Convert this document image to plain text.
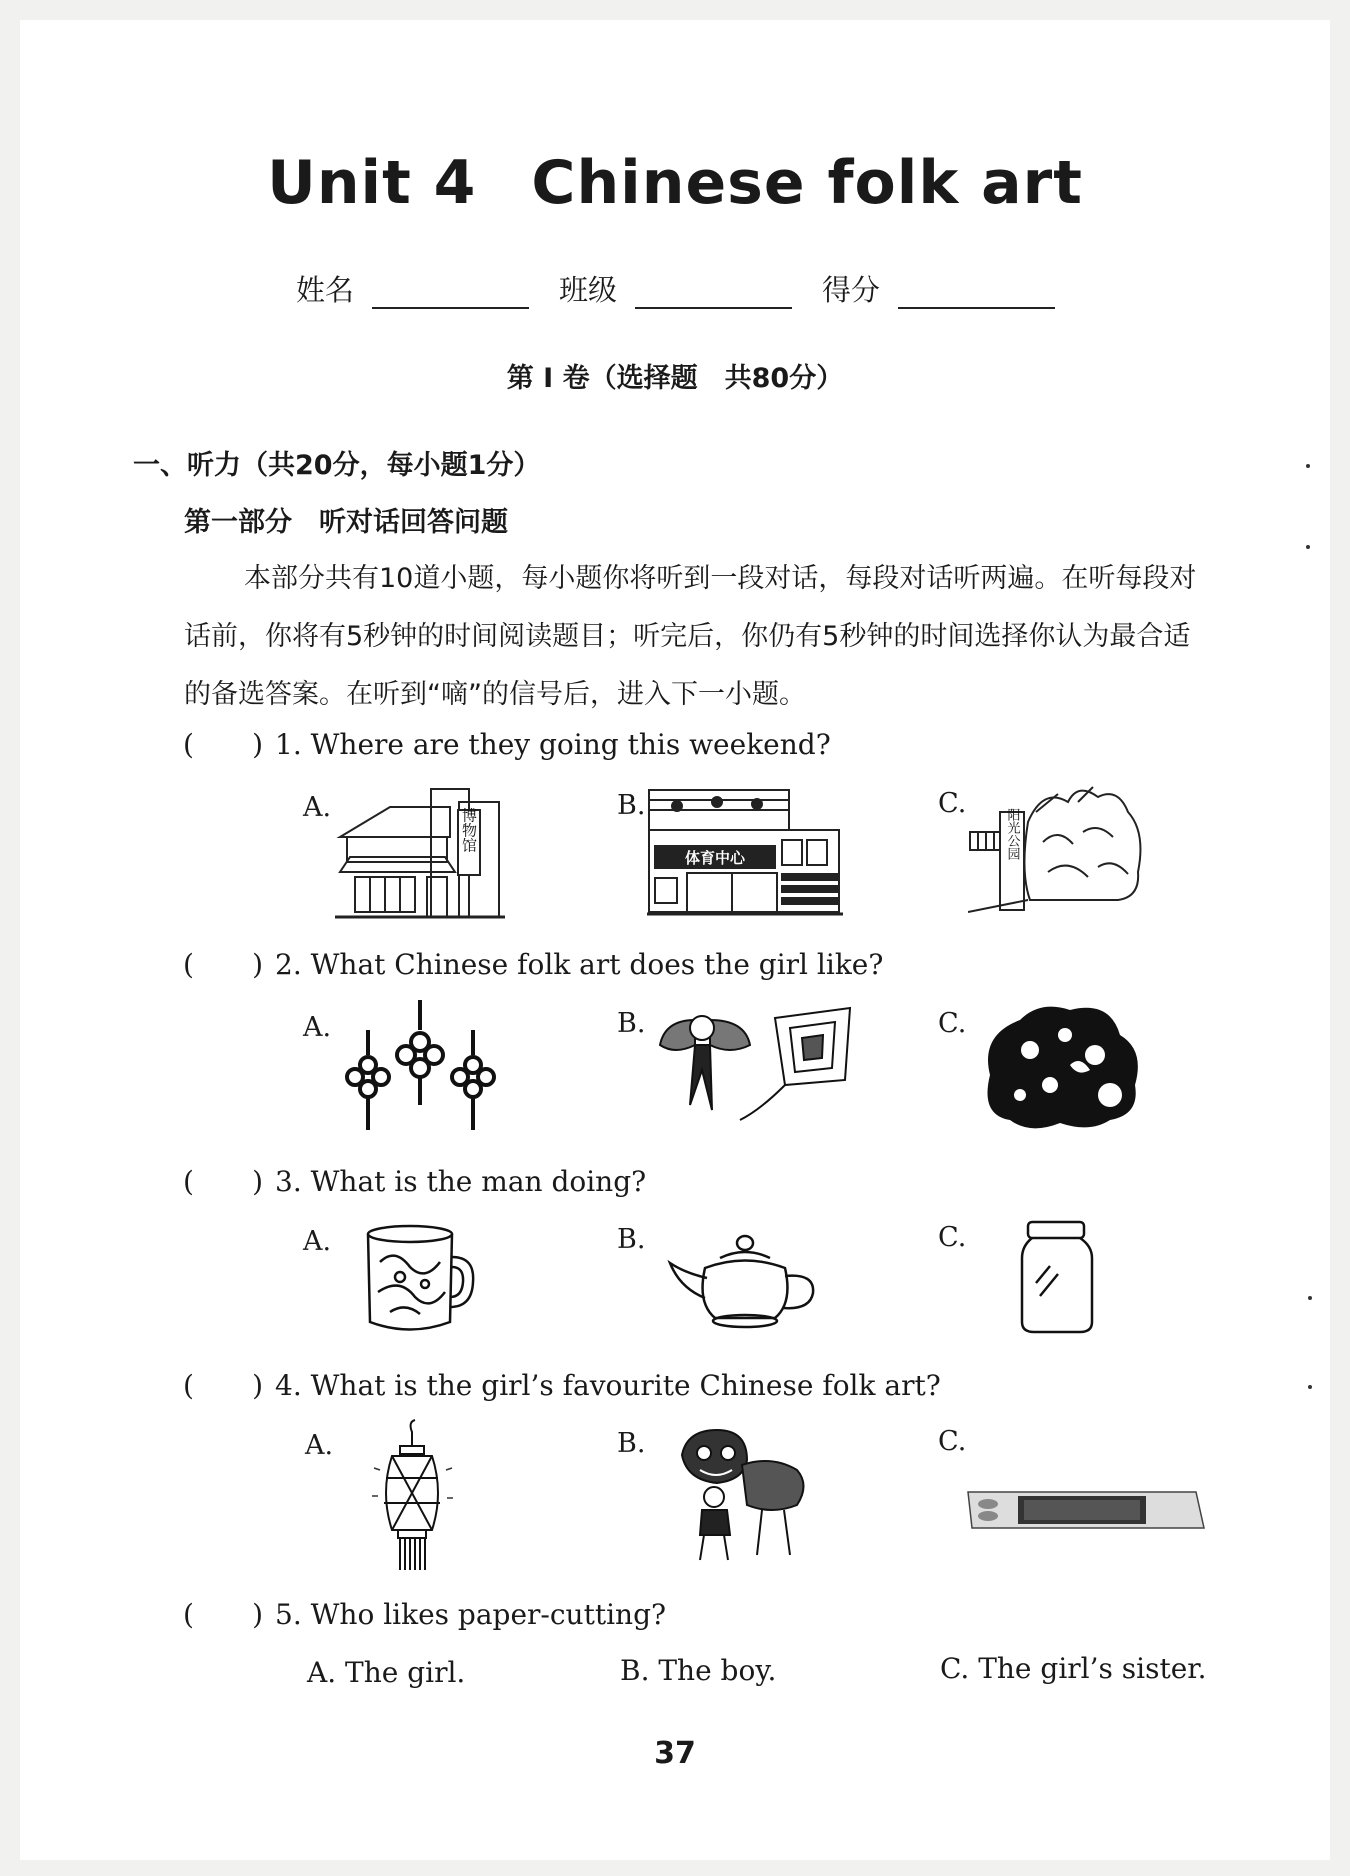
Unit 4 Chinese folk art
姓名	班级	得分
第 I 卷（选择题　共80分）
一、听力（共20分，每小题1分）
第一部分　听对话回答问题

本部分共有10道小题，每小题你将听到一段对话，每段对话听两遍。在听每段对话前，你将有5秒钟的时间阅读题目；听完后，你仍有5秒钟的时间选择你认为最合适的备选答案。在听到“嘀”的信号后，进入下一小题。

( ) 1.
Where are they going this weekend?
A.	B.	C.
博物馆
体育中心	阳光公园
( ) 2.
What Chinese folk art does the girl like?
A.	B.	C.
( ) 3.
What is the man doing?
A.	B.	C.
( ) 4.
What is the girl’s favourite Chinese folk art?
A.	B.	C.
( ) 5.
Who likes paper-cutting?
A. The girl.	B. The boy.	C. The girl’s sister.
37
